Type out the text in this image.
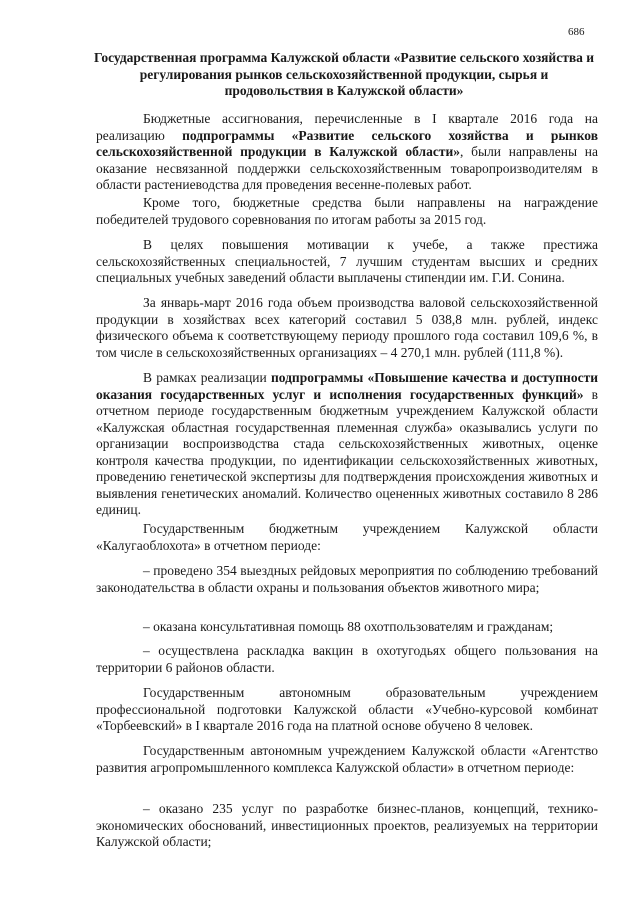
686
Государственная программа Калужской области «Развитие сельского хозяйства и регулирования рынков сельскохозяйственной продукции, сырья и продовольствия в Калужской области»

Бюджетные ассигнования, перечисленные в I квартале 2016 года на реализацию подпрограммы «Развитие сельского хозяйства и рынков сельскохозяйственной продукции в Калужской области», были направлены на оказание несвязанной поддержки сельскохозяйственным товаропроизводителям в области растениеводства для проведения весенне-полевых работ.

Кроме того, бюджетные средства были направлены на награждение победителей трудового соревнования по итогам работы за 2015 год.

В целях повышения мотивации к учебе, а также престижа сельскохозяйственных специальностей, 7 лучшим студентам высших и средних специальных учебных заведений области выплачены стипендии им. Г.И. Сонина.

За январь-март 2016 года объем производства валовой сельскохозяйственной продукции в хозяйствах всех категорий составил 5 038,8 млн. рублей, индекс физического объема к соответствующему периоду прошлого года составил 109,6 %, в том числе в сельскохозяйственных организациях – 4 270,1 млн. рублей (111,8 %).

В рамках реализации подпрограммы «Повышение качества и доступности оказания государственных услуг и исполнения государственных функций» в отчетном периоде государственным бюджетным учреждением Калужской области «Калужская областная государственная племенная служба» оказывались услуги по организации воспроизводства стада сельскохозяйственных животных, оценке контроля качества продукции, по идентификации сельскохозяйственных животных, проведению генетической экспертизы для подтверждения происхождения животных и выявления генетических аномалий. Количество оцененных животных составило 8 286 единиц.

Государственным бюджетным учреждением Калужской области «Калугаоблохота» в отчетном периоде:

– проведено 354 выездных рейдовых мероприятия по соблюдению требований законодательства в области охраны и пользования объектов животного мира;

– оказана консультативная помощь 88 охотпользователям и гражданам;

– осуществлена раскладка вакцин в охотугодьях общего пользования на территории 6 районов области.

Государственным автономным образовательным учреждением профессиональной подготовки Калужской области «Учебно-курсовой комбинат «Торбеевский» в I квартале 2016 года на платной основе обучено 8 человек.

Государственным автономным учреждением Калужской области «Агентство развития агропромышленного комплекса Калужской области» в отчетном периоде:

– оказано 235 услуг по разработке бизнес-планов, концепций, технико-экономических обоснований, инвестиционных проектов, реализуемых на территории Калужской области;
